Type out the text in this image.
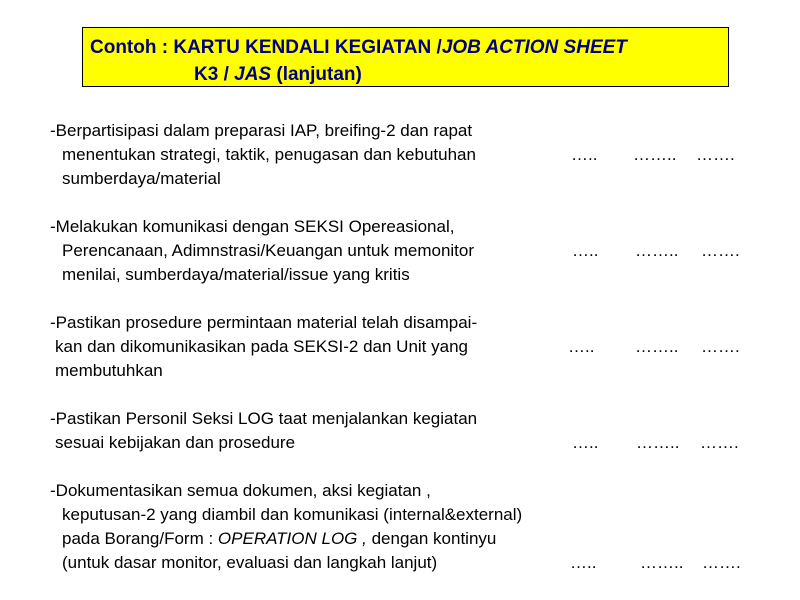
Contoh : KARTU KENDALI KEGIATAN /JOB ACTION SHEET
K3 / JAS (lanjutan)
-Berpartisipasi dalam preparasi IAP, breifing-2 dan rapat
menentukan strategi, taktik, penugasan dan kebutuhan	….. …….. …….
sumberdaya/material
-Melakukan komunikasi dengan SEKSI Opereasional,
Perencanaan, Adimnstrasi/Keuangan untuk memonitor	….. …….. …….
menilai, sumberdaya/material/issue yang kritis
-Pastikan prosedure permintaan material telah disampai-
kan dan dikomunikasikan pada SEKSI-2 dan Unit yang	….. …….. …….
membutuhkan
-Pastikan Personil Seksi LOG taat menjalankan kegiatan
sesuai kebijakan dan prosedure	….. …….. …….
-Dokumentasikan semua dokumen, aksi kegiatan ,
keputusan-2 yang diambil dan komunikasi (internal&external)
pada Borang/Form : OPERATION LOG , dengan kontinyu
(untuk dasar monitor, evaluasi dan langkah lanjut)	…..	…….. …….
